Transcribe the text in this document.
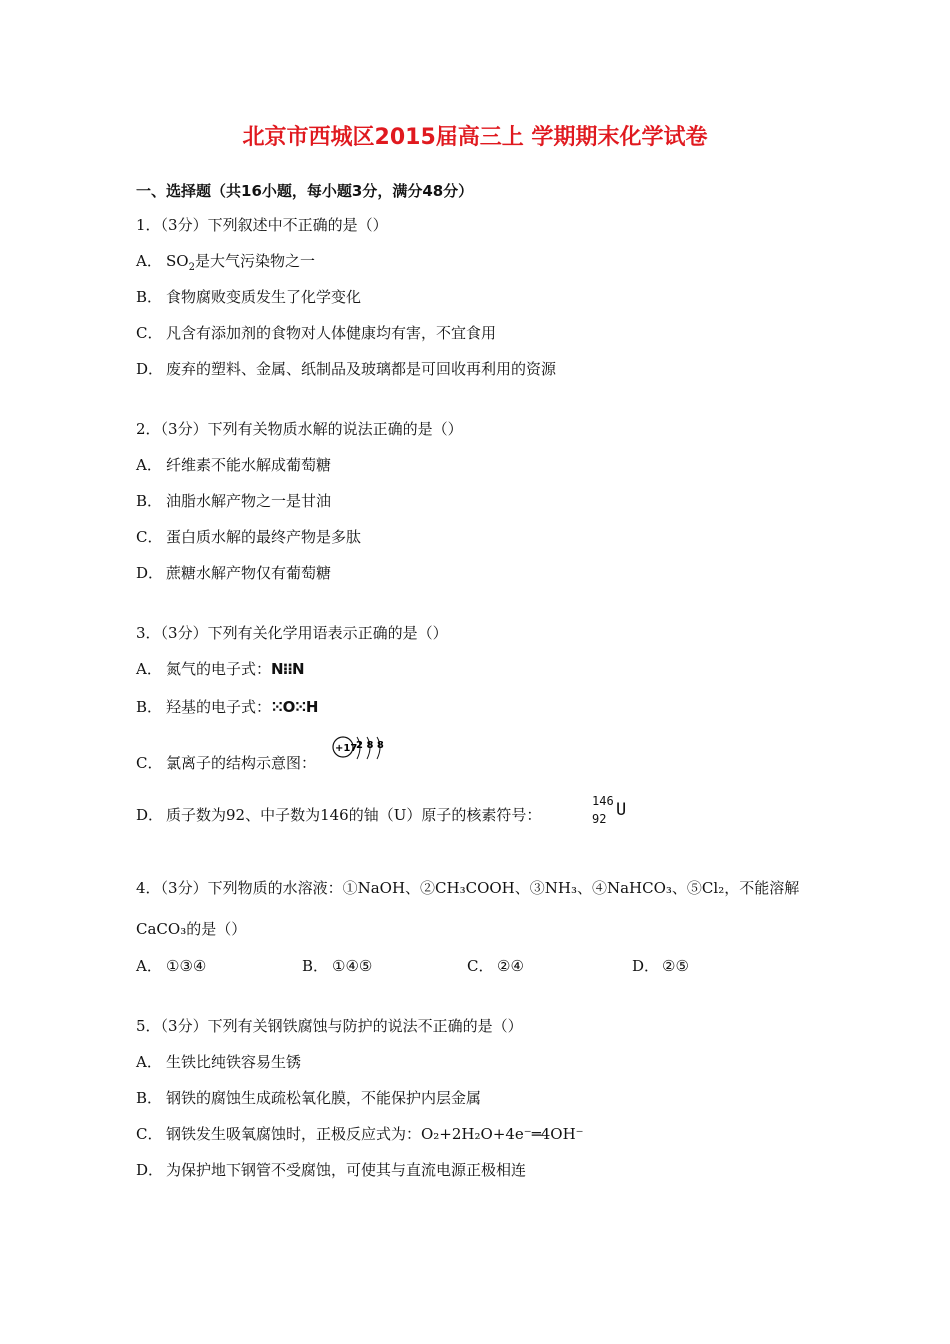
北京市西城区2015届高三上 学期期末化学试卷
一、选择题（共16小题，每小题3分，满分48分）
1．（3分）下列叙述中不正确的是（）
A． $SO_2$是大气污染物之一
B． 食物腐败变质发生了化学变化
C． 凡含有添加剂的食物对人体健康均有害，不宜食用
D． 废弃的塑料、金属、纸制品及玻璃都是可回收再利用的资源
2．（3分）下列有关物质水解的说法正确的是（）
A． 纤维素不能水解成葡萄糖
B． 油脂水解产物之一是甘油
C． 蛋白质水解的最终产物是多肽
D． 蔗糖水解产物仅有葡萄糖
3．（3分）下列有关化学用语表示正确的是（）
A． 氮气的电子式：N⁝⁝N
B． 羟基的电子式：⁙O⁙H
C． 氯离子的结构示意图：
+17
2 8 8
D． 质子数为92、中子数为146的铀（U）原子的核素符号：
146
92 U
4．（3分）下列物质的水溶液：①NaOH、②CH₃COOH、③NH₃、④NaHCO₃、⑤Cl₂，不能溶解
CaCO₃的是（）
A． ①③④	B． ①④⑤	C． ②④	D． ②⑤
5．（3分）下列有关钢铁腐蚀与防护的说法不正确的是（）
A． 生铁比纯铁容易生锈
B． 钢铁的腐蚀生成疏松氧化膜，不能保护内层金属
C． 钢铁发生吸氧腐蚀时，正极反应式为：O₂+2H₂O+4e⁻═4OH⁻
D． 为保护地下钢管不受腐蚀，可使其与直流电源正极相连
